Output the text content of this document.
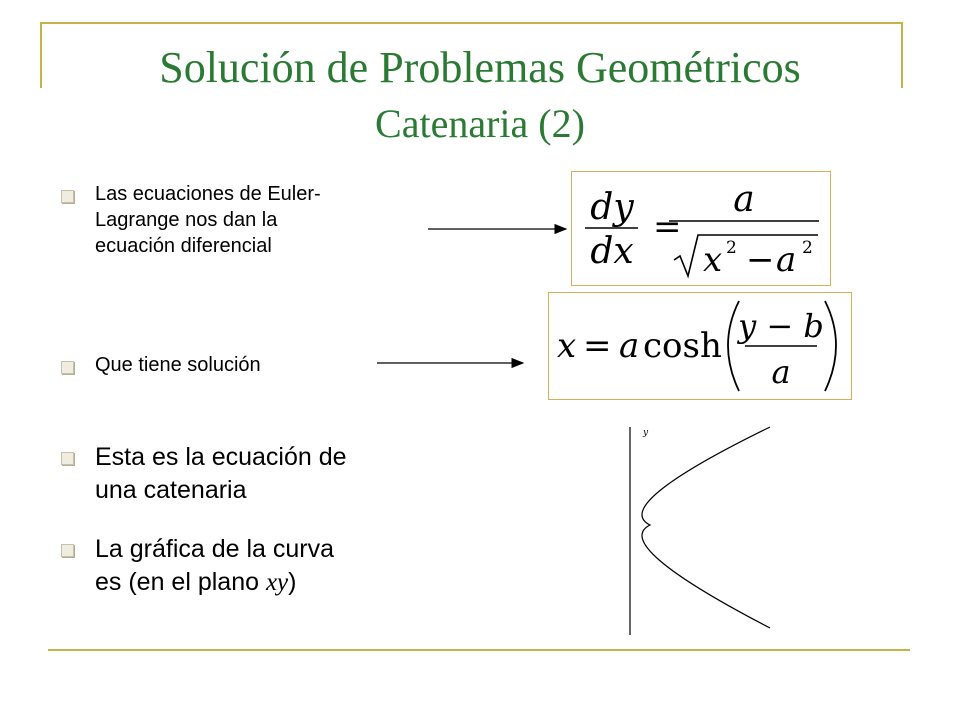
Solución de Problemas Geométricos
Catenaria (2)
Las ecuaciones de Euler-
Lagrange nos dan la
ecuación diferencial
Que tiene solución
Esta es la ecuación de
una catenaria
La gráfica de la curva
es (en el plano xy)
dy
dx
=
a
x 2 − a 2
x = a cosh y − b
a
y
